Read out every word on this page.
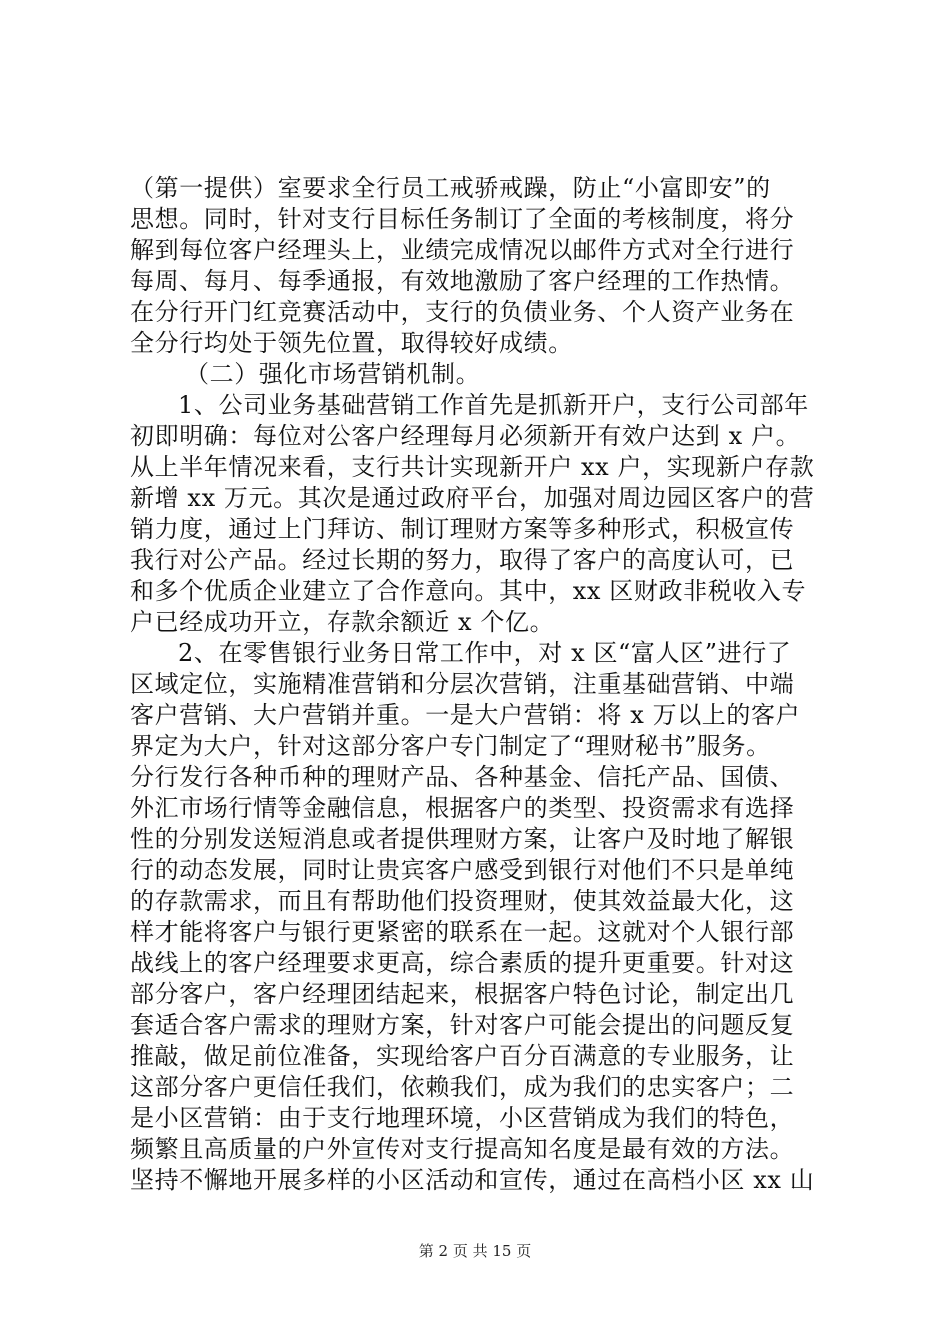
（第一提供）室要求全行员工戒骄戒躁，防止“小富即安”的
思想。同时，针对支行目标任务制订了全面的考核制度，将分
解到每位客户经理头上，业绩完成情况以邮件方式对全行进行
每周、每月、每季通报，有效地激励了客户经理的工作热情。
在分行开门红竞赛活动中，支行的负债业务、个人资产业务在
全分行均处于领先位置，取得较好成绩。
（二）强化市场营销机制。
1、公司业务基础营销工作首先是抓新开户，支行公司部年
初即明确：每位对公客户经理每月必须新开有效户达到 x 户。
从上半年情况来看，支行共计实现新开户 xx 户，实现新户存款
新增 xx 万元。其次是通过政府平台，加强对周边园区客户的营
销力度，通过上门拜访、制订理财方案等多种形式，积极宣传
我行对公产品。经过长期的努力，取得了客户的高度认可，已
和多个优质企业建立了合作意向。其中，xx 区财政非税收入专
户已经成功开立，存款余额近 x 个亿。
2、在零售银行业务日常工作中，对 x 区“富人区”进行了
区域定位，实施精准营销和分层次营销，注重基础营销、中端
客户营销、大户营销并重。一是大户营销：将 x 万以上的客户
界定为大户，针对这部分客户专门制定了“理财秘书”服务。
分行发行各种币种的理财产品、各种基金、信托产品、国债、
外汇市场行情等金融信息，根据客户的类型、投资需求有选择
性的分别发送短消息或者提供理财方案，让客户及时地了解银
行的动态发展，同时让贵宾客户感受到银行对他们不只是单纯
的存款需求，而且有帮助他们投资理财，使其效益最大化，这
样才能将客户与银行更紧密的联系在一起。这就对个人银行部
战线上的客户经理要求更高，综合素质的提升更重要。针对这
部分客户，客户经理团结起来，根据客户特色讨论，制定出几
套适合客户需求的理财方案，针对客户可能会提出的问题反复
推敲，做足前位准备，实现给客户百分百满意的专业服务，让
这部分客户更信任我们，依赖我们，成为我们的忠实客户；二
是小区营销：由于支行地理环境，小区营销成为我们的特色，
频繁且高质量的户外宣传对支行提高知名度是最有效的方法。
坚持不懈地开展多样的小区活动和宣传，通过在高档小区 xx 山
第 2 页 共 15 页
